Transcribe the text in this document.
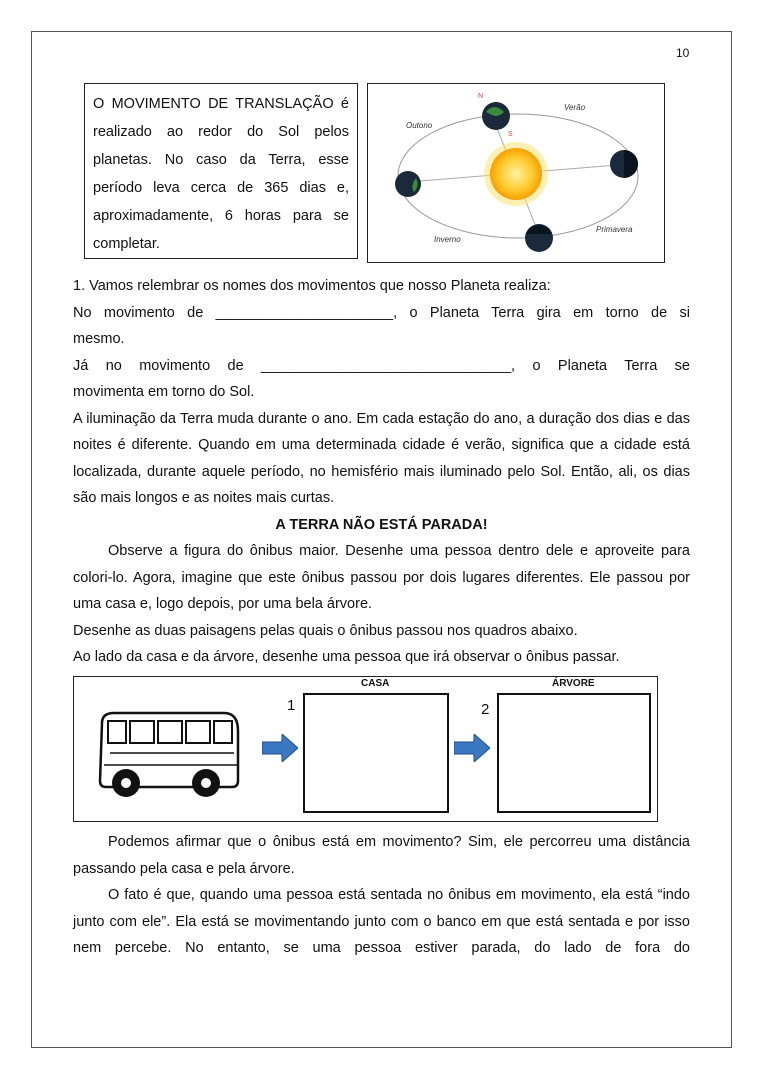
10

O MOVIMENTO DE TRANSLAÇÃO é realizado ao redor do Sol pelos planetas. No caso da Terra, esse período leva cerca de 365 dias e, aproximadamente, 6 horas para se completar.

Outono
Verão
Primavera
Inverno
N
S

1. Vamos relembrar os nomes dos movimentos que nosso Planeta realiza:

No movimento de ______________________, o Planeta Terra gira em torno de si

mesmo.

Já no movimento de _______________________________, o Planeta Terra se

movimenta em torno do Sol.

A iluminação da Terra muda durante o ano. Em cada estação do ano, a duração dos dias e das noites é diferente. Quando em uma determinada cidade é verão, significa que a cidade está localizada, durante aquele período, no hemisfério mais iluminado pelo Sol. Então, ali, os dias são mais longos e as noites mais curtas.

A TERRA NÃO ESTÁ PARADA!

Observe a figura do ônibus maior. Desenhe uma pessoa dentro dele e aproveite para colori-lo. Agora, imagine que este ônibus passou por dois lugares diferentes. Ele passou por uma casa e, logo depois, por uma bela árvore.

Desenhe as duas paisagens pelas quais o ônibus passou nos quadros abaixo.

Ao lado da casa e da árvore, desenhe uma pessoa que irá observar o ônibus passar.

1
CASA
2
ÁRVORE

Podemos afirmar que o ônibus está em movimento? Sim, ele percorreu uma distância passando pela casa e pela árvore.

O fato é que, quando uma pessoa está sentada no ônibus em movimento, ela está “indo junto com ele”. Ela está se movimentando junto com o banco em que está sentada e por isso nem percebe. No entanto, se uma pessoa estiver parada, do lado de fora do
